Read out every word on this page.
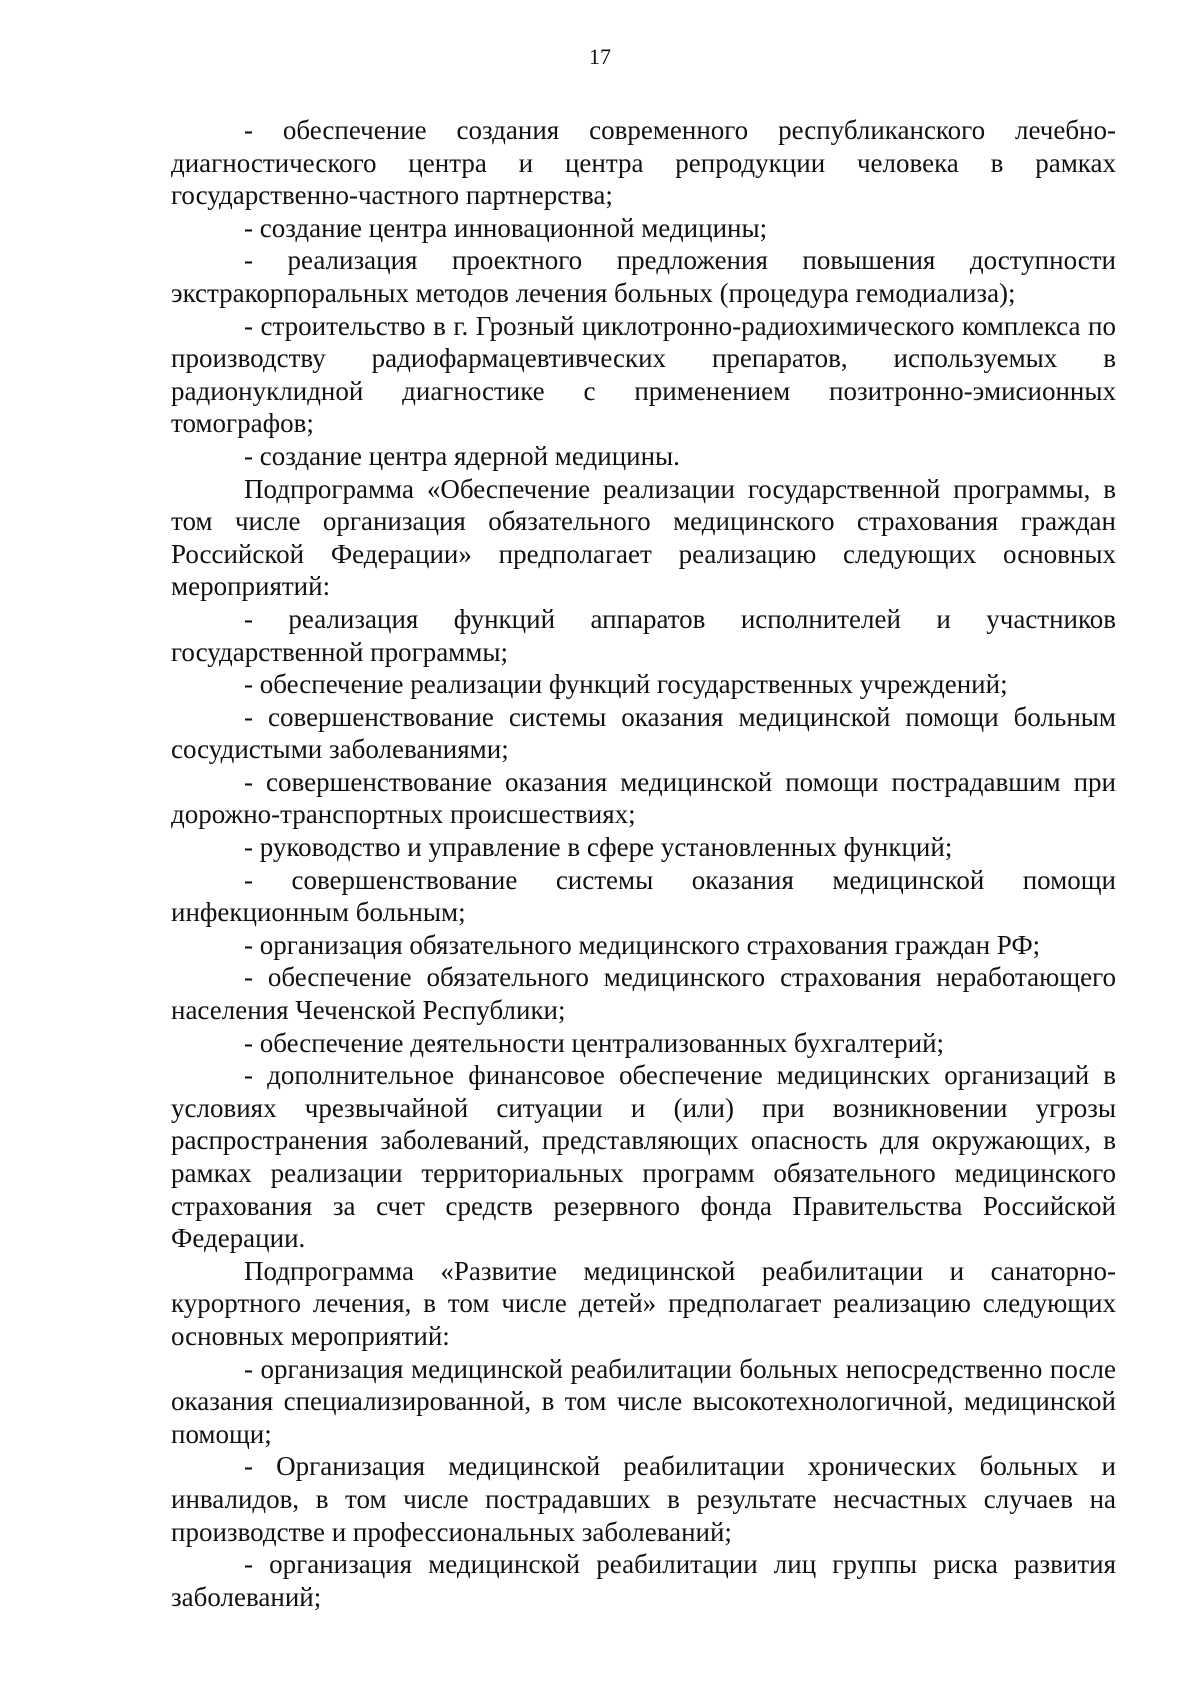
17

- обеспечение создания современного республиканского лечебно-диагностического центра и центра репродукции человека в рамках государственно-частного партнерства;

- создание центра инновационной медицины;

- реализация проектного предложения повышения доступности экстракорпоральных методов лечения больных (процедура гемодиализа);

- строительство в г. Грозный циклотронно-радиохимического комплекса по производству радиофармацевтивческих препаратов, используемых в радионуклидной диагностике с применением позитронно-эмисионных томографов;

- создание центра ядерной медицины.

Подпрограмма «Обеспечение реализации государственной программы, в том числе организация обязательного медицинского страхования граждан Российской Федерации» предполагает реализацию следующих основных мероприятий:

- реализация функций аппаратов исполнителей и участников государственной программы;

- обеспечение реализации функций государственных учреждений;

- совершенствование системы оказания медицинской помощи больным сосудистыми заболеваниями;

- совершенствование оказания медицинской помощи пострадавшим при дорожно-транспортных происшествиях;

- руководство и управление в сфере установленных функций;

- совершенствование системы оказания медицинской помощи инфекционным больным;

- организация обязательного медицинского страхования граждан РФ;

- обеспечение обязательного медицинского страхования неработающего населения Чеченской Республики;

- обеспечение деятельности централизованных бухгалтерий;

- дополнительное финансовое обеспечение медицинских организаций в условиях чрезвычайной ситуации и (или) при возникновении угрозы распространения заболеваний, представляющих опасность для окружающих, в рамках реализации территориальных программ обязательного медицинского страхования за счет средств резервного фонда Правительства Российской Федерации.

Подпрограмма «Развитие медицинской реабилитации и санаторно-курортного лечения, в том числе детей» предполагает реализацию следующих основных мероприятий:

- организация медицинской реабилитации больных непосредственно после оказания специализированной, в том числе высокотехнологичной, медицинской помощи;

- Организация медицинской реабилитации хронических больных и инвалидов, в том числе пострадавших в результате несчастных случаев на производстве и профессиональных заболеваний;

- организация медицинской реабилитации лиц группы риска развития заболеваний;
